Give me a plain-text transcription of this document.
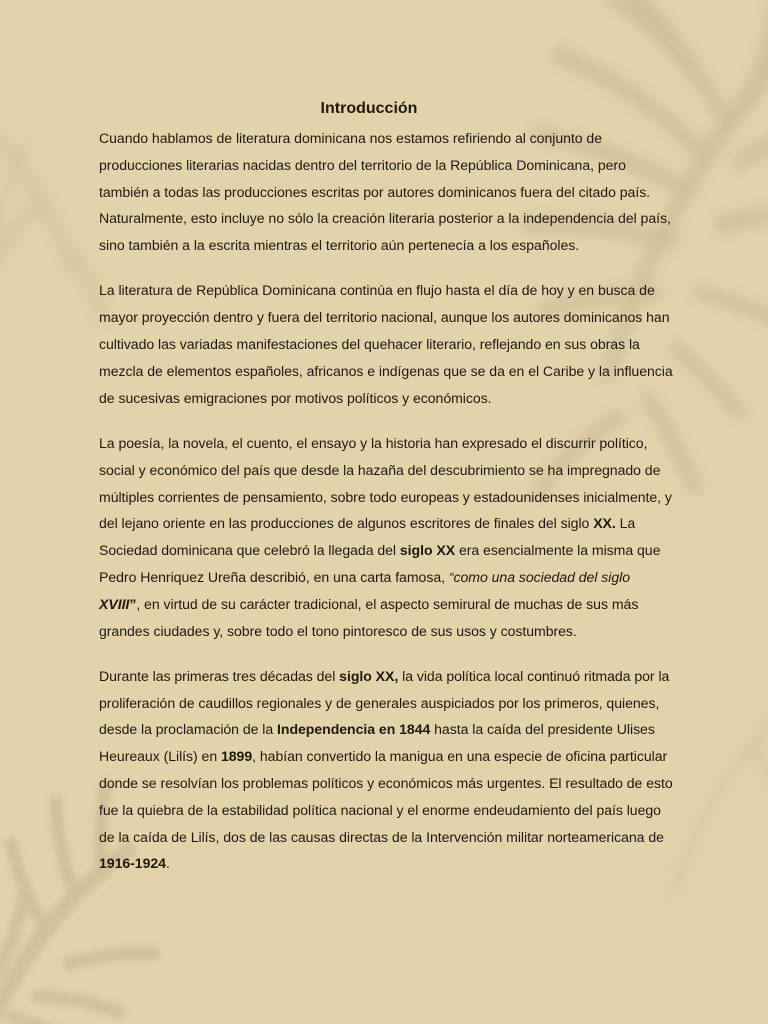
Introducción

Cuando hablamos de literatura dominicana nos estamos refiriendo al conjunto de producciones literarias nacidas dentro del territorio de la República Dominicana, pero también a todas las producciones escritas por autores dominicanos fuera del citado país. Naturalmente, esto incluye no sólo la creación literaria posterior a la independencia del país, sino también a la escrita mientras el territorio aún pertenecía a los españoles.

La literatura de República Dominicana continúa en flujo hasta el día de hoy y en busca de mayor proyección dentro y fuera del territorio nacional, aunque los autores dominicanos han cultivado las variadas manifestaciones del quehacer literario, reflejando en sus obras la mezcla de elementos españoles, africanos e indígenas que se da en el Caribe y la influencia de sucesivas emigraciones por motivos políticos y económicos.

La poesía, la novela, el cuento, el ensayo y la historia han expresado el discurrir político, social y económico del país que desde la hazaña del descubrimiento se ha impregnado de múltiples corrientes de pensamiento, sobre todo europeas y estadounidenses inicialmente, y del lejano oriente en las producciones de algunos escritores de finales del siglo XX. La Sociedad dominicana que celebró la llegada del siglo XX era esencialmente la misma que Pedro Henriquez Ureña describió, en una carta famosa, “como una sociedad del siglo XVIII”, en virtud de su carácter tradicional, el aspecto semirural de muchas de sus más grandes ciudades y, sobre todo el tono pintoresco de sus usos y costumbres.

Durante las primeras tres décadas del siglo XX, la vida política local continuó ritmada por la proliferación de caudillos regionales y de generales auspiciados por los primeros, quienes, desde la proclamación de la Independencia en 1844 hasta la caída del presidente Ulises Heureaux (Lilís) en 1899, habían convertido la manigua en una especie de oficina particular donde se resolvían los problemas políticos y económicos más urgentes. El resultado de esto fue la quiebra de la estabilidad política nacional y el enorme endeudamiento del país luego de la caída de Lilís, dos de las causas directas de la Intervención militar norteamericana de 1916-1924.
